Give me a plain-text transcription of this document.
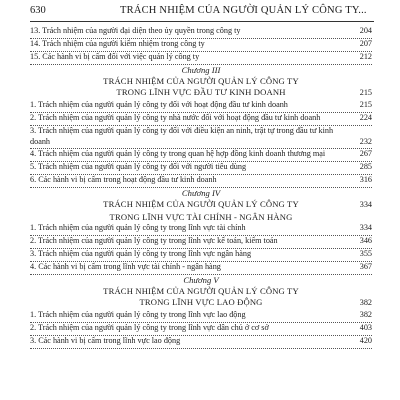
630	TRÁCH NHIỆM CỦA NGƯỜI QUẢN LÝ CÔNG TY...
13. Trách nhiệm của người đại diện theo ủy quyền trong công ty	204
14. Trách nhiệm của người kiểm nhiệm trong công ty	207
15. Các hành vi bị cấm đối với việc quản lý công ty	212
Chương III
TRÁCH NHIỆM CỦA NGƯỜI QUẢN LÝ CÔNG TY
TRONG LĨNH VỰC ĐẦU TƯ KINH DOANH	215
1. Trách nhiệm của người quản lý công ty đối với hoạt động đầu tư kinh doanh	215
2. Trách nhiệm của người quản lý công ty nhà nước đối với hoạt động đầu tư kinh doanh	224
3. Trách nhiệm của người quản lý công ty đối với điều kiện an ninh, trật tự trong đầu tư kinh doanh	232
4. Trách nhiệm của người quản lý công ty trong quan hệ hợp đồng kinh doanh thương mại	267
5. Trách nhiệm của người quản lý công ty đối với người tiêu dùng	285
6. Các hành vi bị cấm trong hoạt động đầu tư kinh doanh	316
Chương IV
TRÁCH NHIỆM CỦA NGƯỜI QUẢN LÝ CÔNG TY	334
TRONG LĨNH VỰC TÀI CHÍNH - NGÂN HÀNG
1. Trách nhiệm của người quản lý công ty trong lĩnh vực tài chính	334
2. Trách nhiệm của người quản lý công ty trong lĩnh vực kế toán, kiểm toán	346
3. Trách nhiệm của người quản lý công ty trong lĩnh vực ngân hàng	355
4. Các hành vi bị cấm trong lĩnh vực tài chính - ngân hàng	367
Chương V
TRÁCH NHIỆM CỦA NGƯỜI QUẢN LÝ CÔNG TY
TRONG LĨNH VỰC LAO ĐỘNG	382
1. Trách nhiệm của người quản lý công ty trong lĩnh vực lao động	382
2. Trách nhiệm của người quản lý công ty trong lĩnh vực dân chủ ở cơ sở	403
3. Các hành vi bị cấm trong lĩnh vực lao động	420
